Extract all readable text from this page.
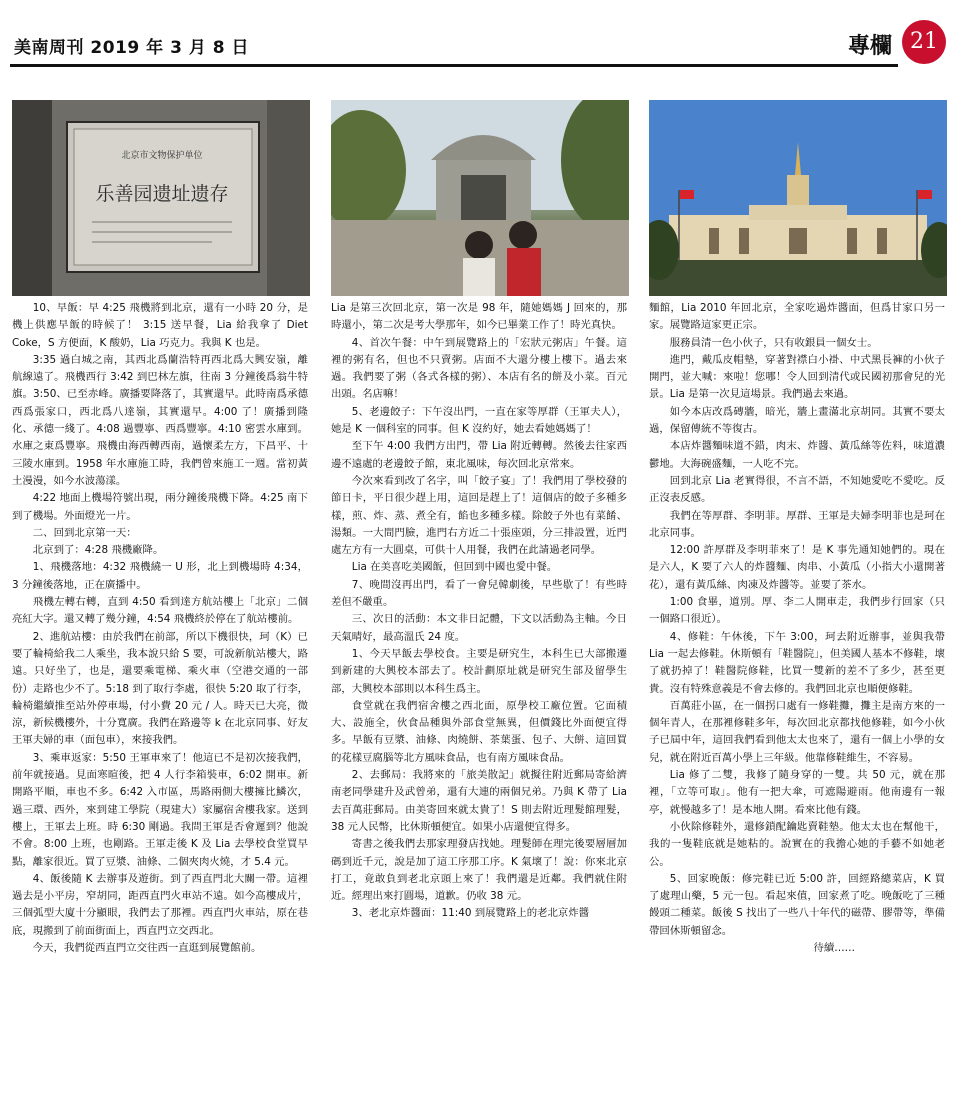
美南周刊 2019 年 3 月 8 日	專欄 21
北京市文物保护单位
乐善园遗址遗存

10、早飯：早 4:25 飛機將到北京，還有一小時 20 分，是機上供應早飯的時候了！ 3:15 送早餐，Lia 給我拿了 Diet Coke，S 方便面，K 酸奶，Lia 巧克力。我與 K 也是。

3:35 過白城之南，其西北爲蘭浩特再西北爲大興安嶺，離航線遠了。飛機西行 3:42 到巴林左旗，往南 3 分鐘後爲翁牛特旗。3:50、已至赤峰。廣播要降落了，其實還早。此時南爲承德西爲張家口，西北爲八達嶺，其實還早。4:00 了！廣播到隆化、承德一綫了。4:08 過豐寧、西爲豐寧。4:10 密雲水庫到。水庫之東爲豐寧。飛機由海西轉西南，過懷柔左方，下昌平、十三陵水庫到。1958 年水庫施工時，我們曾來施工一週。當初黃土漫漫，如今水波蕩漾。

4:22 地面上機場符號出現，兩分鐘後飛機下降。4:25 南下到了機場。外面燈光一片。

二、回到北京第一天：

北京到了：4:28 飛機廠降。

1、飛機落地：4:32 飛機繞一 U 形，北上到機場時 4:34，3 分鐘後落地，正在廣播中。

飛機左轉右轉，直到 4:50 看到達方航站樓上「北京」二個亮紅大字。還又轉了幾分鐘，4:54 飛機終於停在了航站樓前。

2、進航站樓：由於我們在前部，所以下機很快，珂（K）已要了輪椅給我二人乘坐，我本說只給 S 要，可說新航站樓大，路遠。只好坐了，也是，還要乘電梯、乘火車（空港交通的一部份）走路也少不了。5:18 到了取行李處，很快 5:20 取了行李，輪椅繼續推至站外停車場，付小費 20 元 / 人。時天已大亮，微涼，新候機樓外，十分寬廣。我們在路邊等 k 在北京同事、好友王軍夫婦的車（面包車），來接我們。

3、乘車返家：5:50 王軍車來了！他這已不是初次接我們，前年就接過。見面寒暄後，把 4 人行李箱裝車，6:02 開車。新開路平順，車也不多。6:42 入市區，馬路兩側大樓擁比鱗次，過三環、西外，來到建工學院（現建大）家屬宿舍樓我家。送到樓上，王軍去上班。時 6:30 剛過。我問王軍是否會遲到？他說不會。8:00 上班，也剛路。王軍走後 K 及 Lia 去學校食堂買早點，離家很近。買了豆漿、油條、二個夾肉火燒，才 5.4 元。

4、飯後隨 K 去辦事及遊街。到了西直門北大關一帶。這裡過去是小平房，窄胡同，距西直門火車站不遠。如今高樓成片，三個弧型大廈十分顯眼，我們去了那裡。西直門火車站，原在巷底，現搬到了前面街面上，西直門立交西北。

今天，我們從西直門立交往西一直逛到展覽館前。

Lia 是第三次回北京，第一次是 98 年，隨她媽媽 J 回來的，那時還小，第二次是考大學那年，如今已畢業工作了！時光真快。

4、首次午餐：中午到展覽路上的「宏狀元粥店」午餐。這裡的粥有名，但也不只賣粥。店面不大還分樓上樓下。過去來過。我們要了粥（各式各樣的粥）、本店有名的餅及小菜。百元出頭。名店嘛！

5、老邊餃子：下午沒出門，一直在家等厚群（王軍夫人），她是 K 一個科室的同事。但 K 沒約好，她去看她媽媽了！

至下午 4:00 我們方出門，帶 Lia 附近轉轉。然後去往家西邊不遠處的老邊餃子館，東北風味，每次回北京常來。

今次來看到改了名字，叫「餃子宴」了！我們用了學校發的節日卡，平日很少趕上用，這回是趕上了！這個店的餃子多種多樣，煎、炸、蒸、煮全有，餡也多種多樣。除餃子外也有菜餚、湯類。一大間門臉，進門右方近二十張座頭，分三排設置，近門處左方有一大圓桌，可供十人用餐，我們在此請過老同學。

Lia 在美喜吃美國飯，但回到中國也愛中餐。

7、晚間沒再出門，看了一會兒韓劇後，早些歇了！有些時差但不嚴重。

三、次日的活動：本文非日記體，下文以活動為主軸。今日天氣晴好，最高溫氏 24 度。

1、今天早飯去學校食。主要是研究生，本科生已大部搬遷到新建的大興校本部去了。校計劃原址就是研究生部及留學生部，大興校本部則以本科生爲主。

食堂就在我們宿舍樓之西北面，原學校工廠位置。它面積大、設施全，伙食品種與外部食堂無異，但價錢比外面便宜得多。早飯有豆漿、油條、肉燒餅、茶葉蛋、包子、大餅、這回買的花樣豆腐腦等北方風味食品，也有南方風味食品。

2、去郵局：我將來的「旅美散記」就擬往附近郵局寄給濟南老同學建升及武曾弟，還有大連的兩個兄弟。乃與 K 帶了 Lia 去百萬莊郵局。由美寄回來就太貴了！S 則去附近理髮館理髮，38 元人民幣，比休斯頓便宜。如果小店還便宜得多。

寄書之後我們去那家理發店找她。理髮師在理完後要層層加碼到近千元，說是加了這工序那工序。K 氣壞了！說：你來北京打工，竟敢負到老北京頭上來了！我們還是近鄰。我們就住附近。經理出來打圓場，道歉。仍收 38 元。

3、老北京炸醬面：11:40 到展覽路上的老北京炸醬

麵館，Lia 2010 年回北京，全家吃過炸醬面，但爲甘家口另一家。展覽路這家更正宗。

服務員清一色小伙子，只有收銀員一個女士。

進門，戴瓜皮帽墊，穿著對襟白小褂、中式黑長褲的小伙子開門，並大喊：來啦！您哪！令人回到清代或民國初那會兒的光景。Lia 是第一次見這場景。我們過去來過。

如今本店改爲磚牆，暗光，牆上畫滿北京胡同。其實不要太過，保留傳統不等復古。

本店炸醬麵味道不錯，肉末、炸醬、黃瓜絲等佐料，味道濃鬱地。大海碗盛麵，一人吃不完。

回到北京 Lia 老實得很，不言不語，不知她愛吃不愛吃。反正沒表反感。

我們在等厚群、李明菲。厚群、王軍是夫婦李明菲也是珂在北京同事。

12:00 許厚群及李明菲來了！是 K 事先通知她們的。現在是六人，K 要了六人的炸醬麵、肉串、小黃瓜（小指大小還開著花），還有黃瓜絲、肉凍及炸醬等。並要了茶水。

1:00 食畢，道別。厚、李二人開車走，我們步行回家（只一個路口很近）。

4、修鞋：午休後，下午 3:00，珂去附近辦事，並與我帶 Lia 一起去修鞋。休斯頓有「鞋醫院」，但美國人基本不修鞋，壞了就扔掉了！鞋醫院修鞋，比買一雙新的差不了多少，甚至更貴。沒有特殊意義是不會去修的。我們回北京也順便修鞋。

百萬莊小區，在一個拐口處有一修鞋攤，攤主是南方來的一個年青人，在那裡修鞋多年，每次回北京都找他修鞋，如今小伙子已屆中年，這回我們看到他太太也來了，還有一個上小學的女兒，就在附近百萬小學上三年級。他靠修鞋維生，不容易。

Lia 修了二雙，我修了隨身穿的一雙。共 50 元，就在那裡，「立等可取」。他有一把大傘，可遮陽避雨。他南邊有一報亭，就慢越多了！是本地人開。看來比他有錢。

小伙除修鞋外，還修鎖配鑰匙賣鞋墊。他太太也在幫他干，我的一隻鞋底就是她粘的。說實在的我擔心她的手藝不如她老公。

5、回家晚飯：修完鞋已近 5:00 許，回經路總菜店，K 買了處理山藥，5 元一包。看起來值，回家煮了吃。晚飯吃了三種饅頭二種菜。飯後 S 找出了一些八十年代的磁帶、膠帶等，準備帶回休斯頓留念。

待續……
